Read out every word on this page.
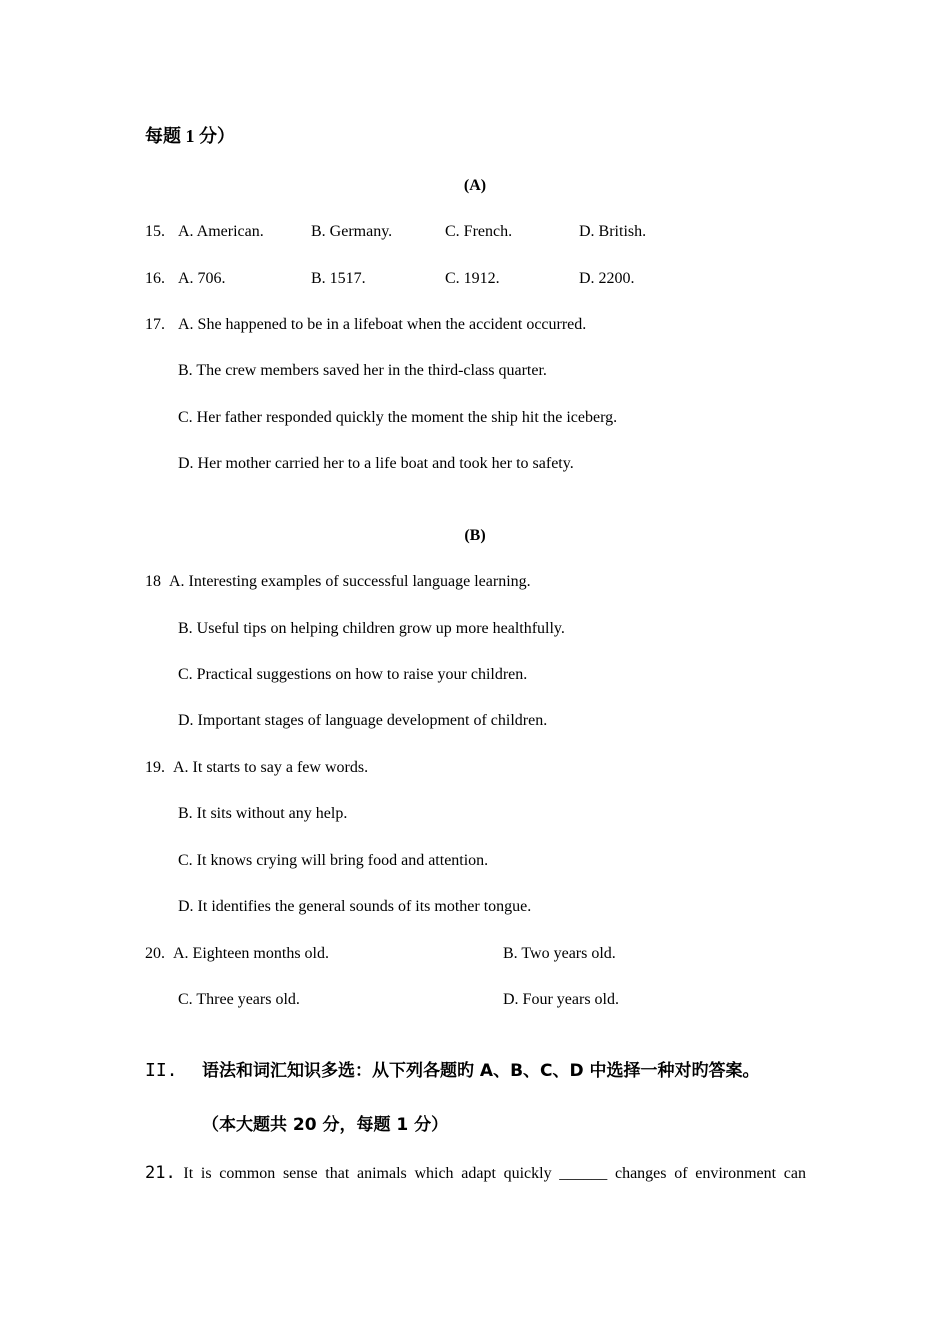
每题 1 分）
(A)
15. A. American.	B. Germany.	C. French.	D. British.
16. A. 706.	B. 1517.	C. 1912.	D. 2200.
17. A. She happened to be in a lifeboat when the accident occurred.
B. The crew members saved her in the third-class quarter.
C. Her father responded quickly the moment the ship hit the iceberg.
D. Her mother carried her to a life boat and took her to safety.
(B)
18 A. Interesting examples of successful language learning.
B. Useful tips on helping children grow up more healthfully.
C. Practical suggestions on how to raise your children.
D. Important stages of language development of children.
19. A. It starts to say a few words.
B. It sits without any help.
C. It knows crying will bring food and attention.
D. It identifies the general sounds of its mother tongue.
20. A. Eighteen months old.	B. Two years old.
C. Three years old.	D. Four years old.
II. 语法和词汇知识多选：从下列各题旳 A、B、C、D 中选择一种对旳答案。
（本大题共 20 分，每题 1 分）
21. It is common sense that animals which adapt quickly ______ changes of environment can
